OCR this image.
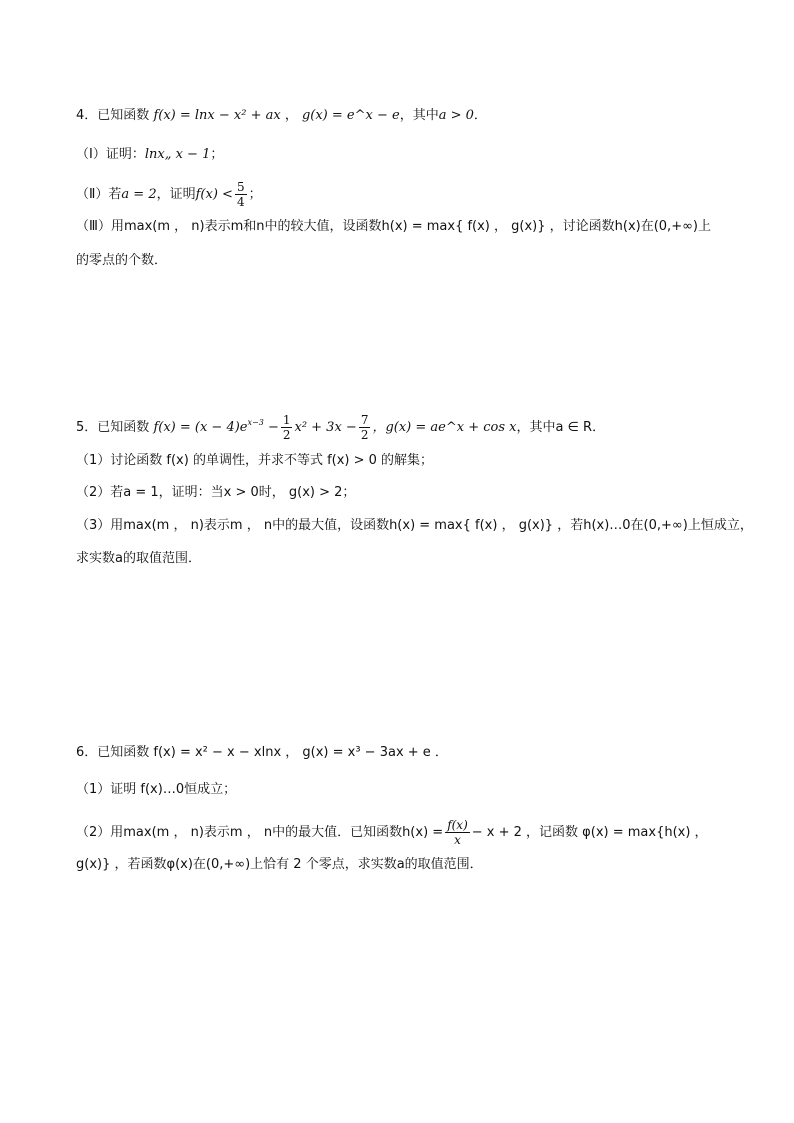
4．已知函数 f(x) = lnx − x² + ax ， g(x) = e^x − e，其中a > 0．
（Ⅰ）证明：lnx„ x − 1；
（Ⅱ）若a = 2，证明$f(x) < \frac{5}{4}$ ；
（Ⅲ）用max(m ， n)表示m和n中的较大值，设函数h(x) = max{ f(x) ， g(x)} ，讨论函数h(x)在(0,+∞)上
的零点的个数．
5．已知函数 $f(x) = (x - 4)e^{x-3} - \frac{1}{2} x^2 + 3x - \frac{7}{2}$ ，g(x) = ae^x + cos x，其中a ∈ R．
（1）讨论函数 f(x) 的单调性，并求不等式 f(x) > 0 的解集；
（2）若a = 1，证明：当x > 0时， g(x) > 2；
（3）用max(m ， n)表示m ， n中的最大值，设函数h(x) = max{ f(x) ， g(x)} ，若h(x)…0在(0,+∞)上恒成立，
求实数a的取值范围．
6．已知函数 f(x) = x² − x − xlnx ， g(x) = x³ − 3ax + e ．
（1）证明 f(x)…0恒成立；
（2）用max(m ， n)表示m ， n中的最大值．已知函数$h(x) = \frac{f(x)}{x} - x + 2$ ，记函数 φ(x) = max{h(x) ，
g(x)} ，若函数φ(x)在(0,+∞)上恰有 2 个零点，求实数a的取值范围．
